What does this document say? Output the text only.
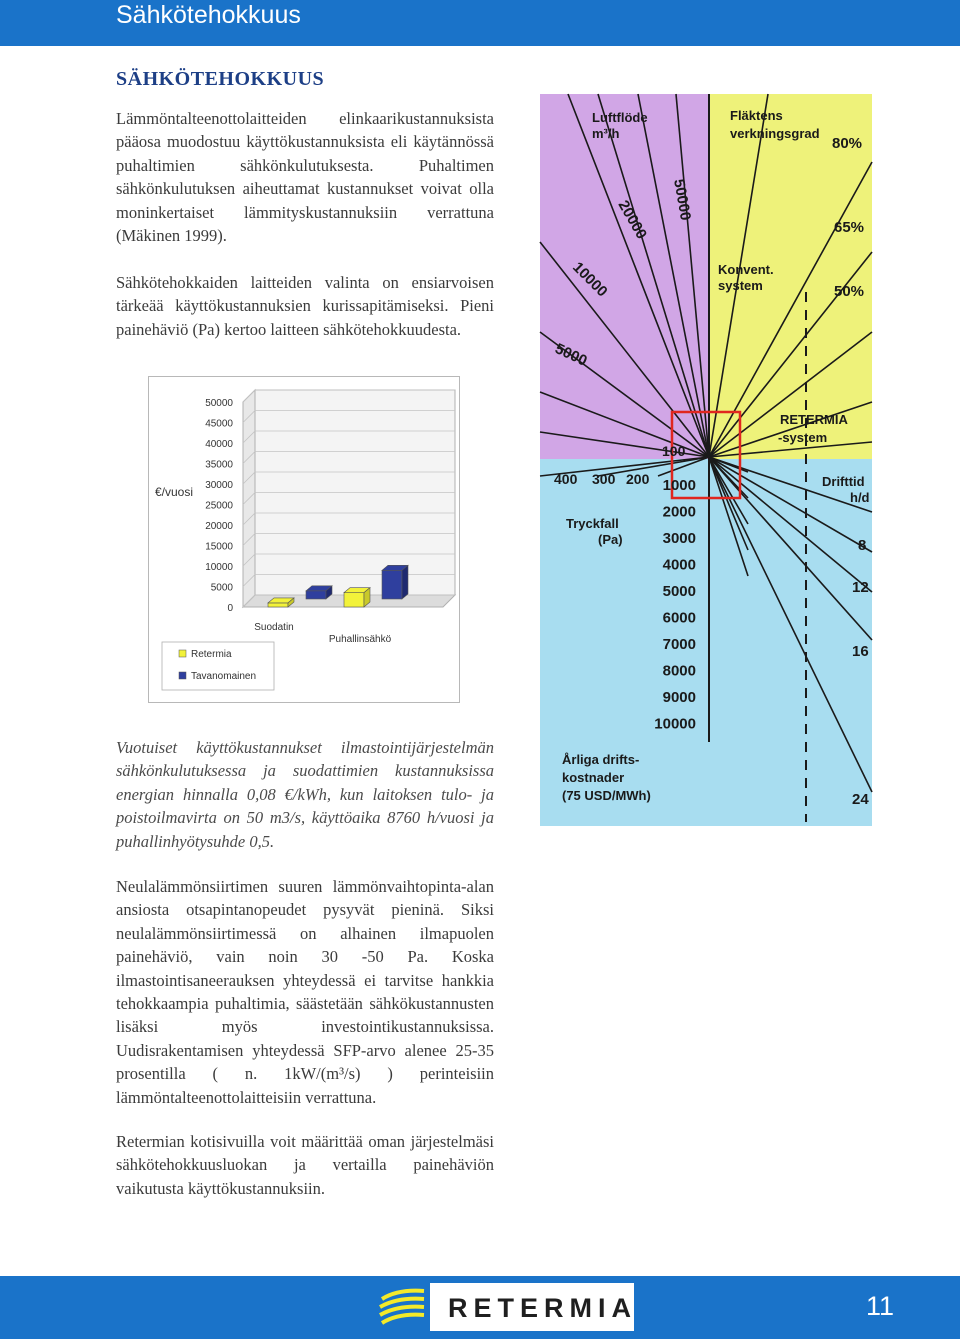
Sähkötehokkuus
SÄHKÖTEHOKKUUS

Lämmöntalteenottolaitteiden elinkaarikustannuksista pääosa muodostuu käyttökustannuksista eli käytännössä puhaltimien sähkönkulutuksesta. Puhaltimen sähkönkulutuksen aiheuttamat kustannukset voivat olla moninkertaiset lämmityskustannuksiin verrattuna (Mäkinen 1999).

Sähkötehokkaiden laitteiden valinta on ensiarvoisen tärkeää käyttökustannuksien kurissapitämiseksi. Pieni painehäviö (Pa) kertoo laitteen sähkötehokkuudesta.

50000
45000
40000
35000
30000
25000
20000
15000
10000
5000
0
€/vuosi
Suodatin
Puhallinsähkö
Retermia
Tavanomainen

Vuotuiset käyttökustannukset ilmastointijärjestelmän sähkönkulutuksessa ja suodattimien kustannuksissa energian hinnalla 0,08 €/kWh, kun laitoksen tulo- ja poistoilmavirta on 50 m3/s, käyttöaika 8760 h/vuosi ja puhallinhyötysuhde 0,5.

Luftflöde
m³/h
Fläktens
verkningsgrad
50000
20000
10000
5000
100
80%
65%
50%
Konvent.
system
RETERMIA
-system
400 300 200 1000
2000
3000
4000
5000
6000
7000
8000
9000
10000
Tryckfall
(Pa)
Drifttid
h/d
8
12
16
24
Årliga drifts-
kostnader
(75 USD/MWh)

Neulalämmönsiirtimen suuren lämmönvaihtopinta-alan ansiosta otsapintanopeudet pysyvät pieninä. Siksi neulalämmönsiirtimessä on alhainen ilmapuolen painehäviö, vain noin 30 -50 Pa. Koska ilmastointisaneerauksen yhteydessä ei tarvitse hankkia tehokkaampia puhaltimia, säästetään sähkökustannusten lisäksi myös investointikustannuksissa. Uudisrakentamisen yhteydessä SFP-arvo alenee 25-35 prosentilla ( n. 1kW/(m³/s) ) perinteisiin lämmöntalteenottolaitteisiin verrattuna.

Retermian kotisivuilla voit määrittää oman järjestelmäsi sähkötehokkuusluokan ja vertailla painehäviön vaikutusta käyttökustannuksiin.

RETERMIA	11
